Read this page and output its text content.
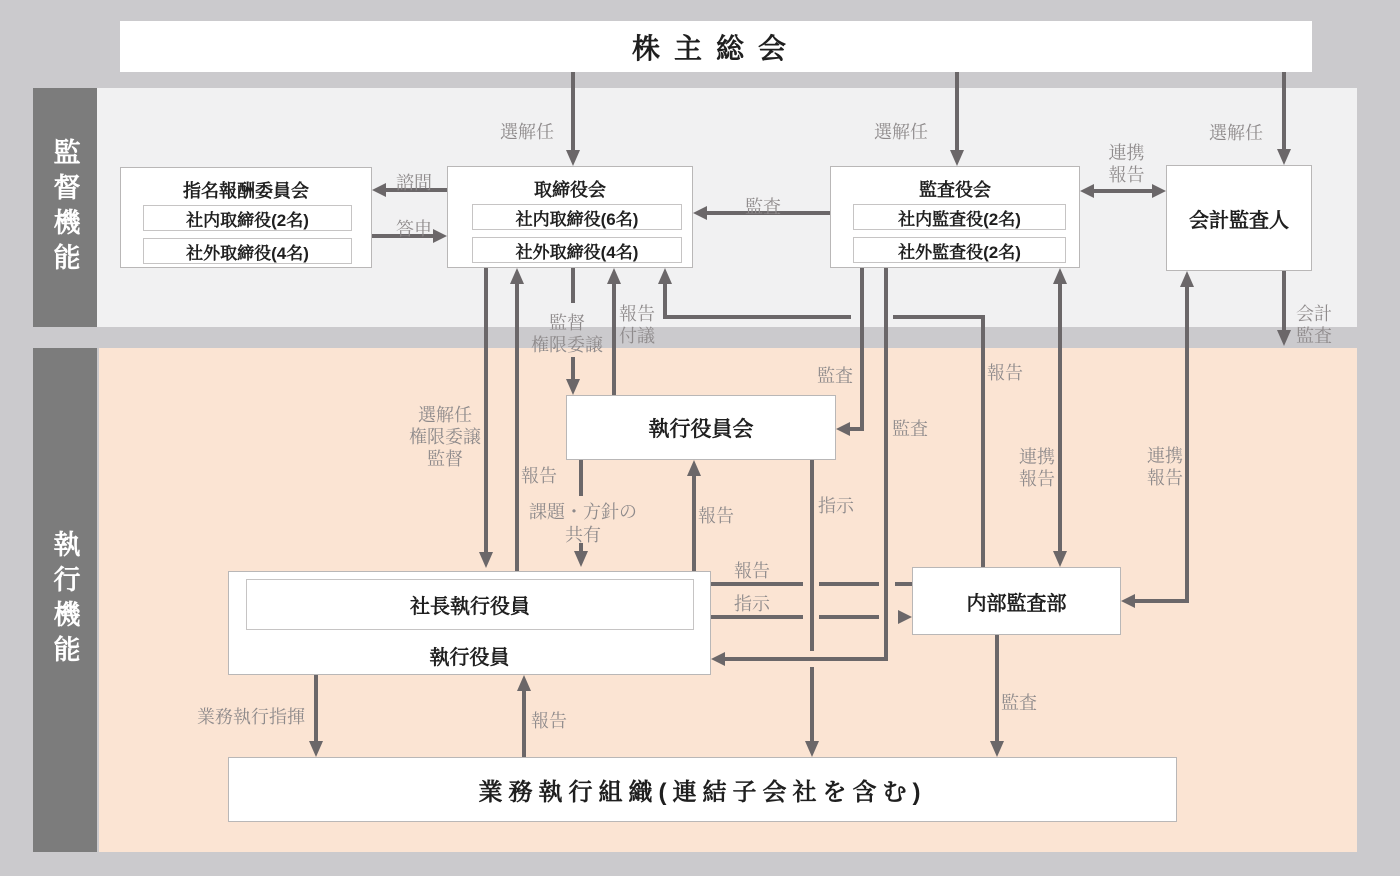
監督機能
執行機能
選解任	選解任	選解任
諮問
答申
監査
連携
報告
会計
監査
選解任
権限委譲
監督
報告
監督
権限委譲
報告
付議
報告
監査
監査
連携
報告
連携
報告
課題・方針の
共有
報告	指示
報告
指示
業務執行指揮	報告
監査
株主総会
指名報酬委員会
社内取締役(2名)
社外取締役(4名)
取締役会
社内取締役(6名)
社外取締役(4名)
監査役会
社内監査役(2名)
社外監査役(2名)
会計監査人
執行役員会
社長執行役員
執行役員
内部監査部
業務執行組織(連結子会社を含む)
